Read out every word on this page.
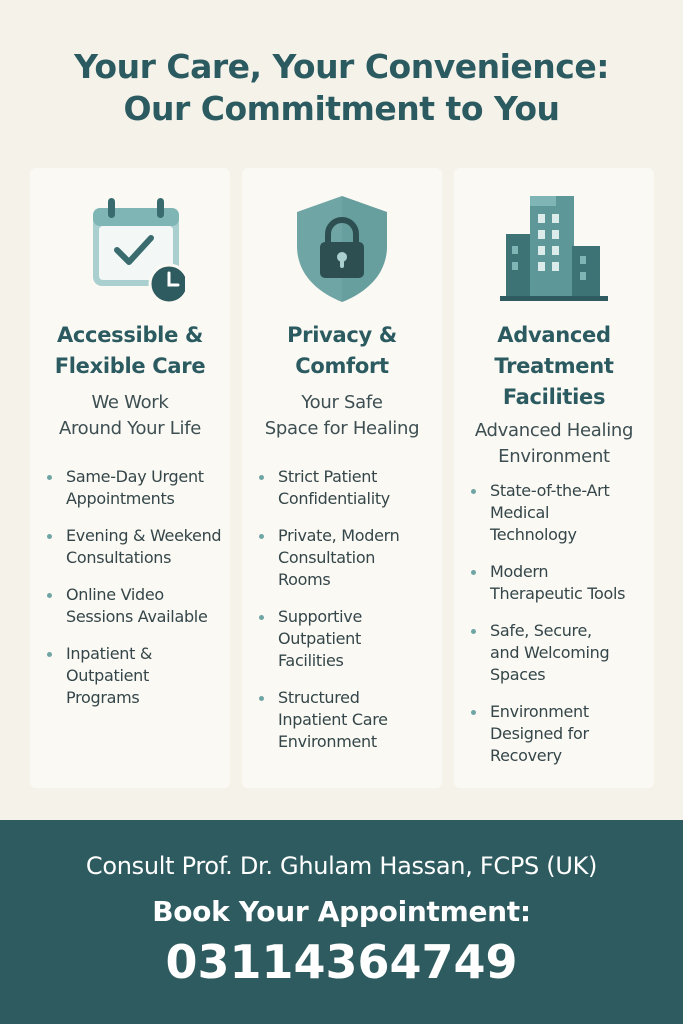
Your Care, Your Convenience:
Our Commitment to You
Accessible &
Flexible Care
We Work
Around Your Life
Same-Day Urgent
Appointments
Evening & Weekend
Consultations
Online Video
Sessions Available
Inpatient &
Outpatient
Programs
Privacy &
Comfort
Your Safe
Space for Healing
Strict Patient
Confidentiality
Private, Modern
Consultation
Rooms
Supportive
Outpatient
Facilities
Structured
Inpatient Care
Environment
Advanced
Treatment
Facilities
Advanced Healing
Environment
State-of-the-Art
Medical
Technology
Modern
Therapeutic Tools
Safe, Secure,
and Welcoming
Spaces
Environment
Designed for
Recovery
Consult Prof. Dr. Ghulam Hassan, FCPS (UK)
Book Your Appointment:
03114364749
